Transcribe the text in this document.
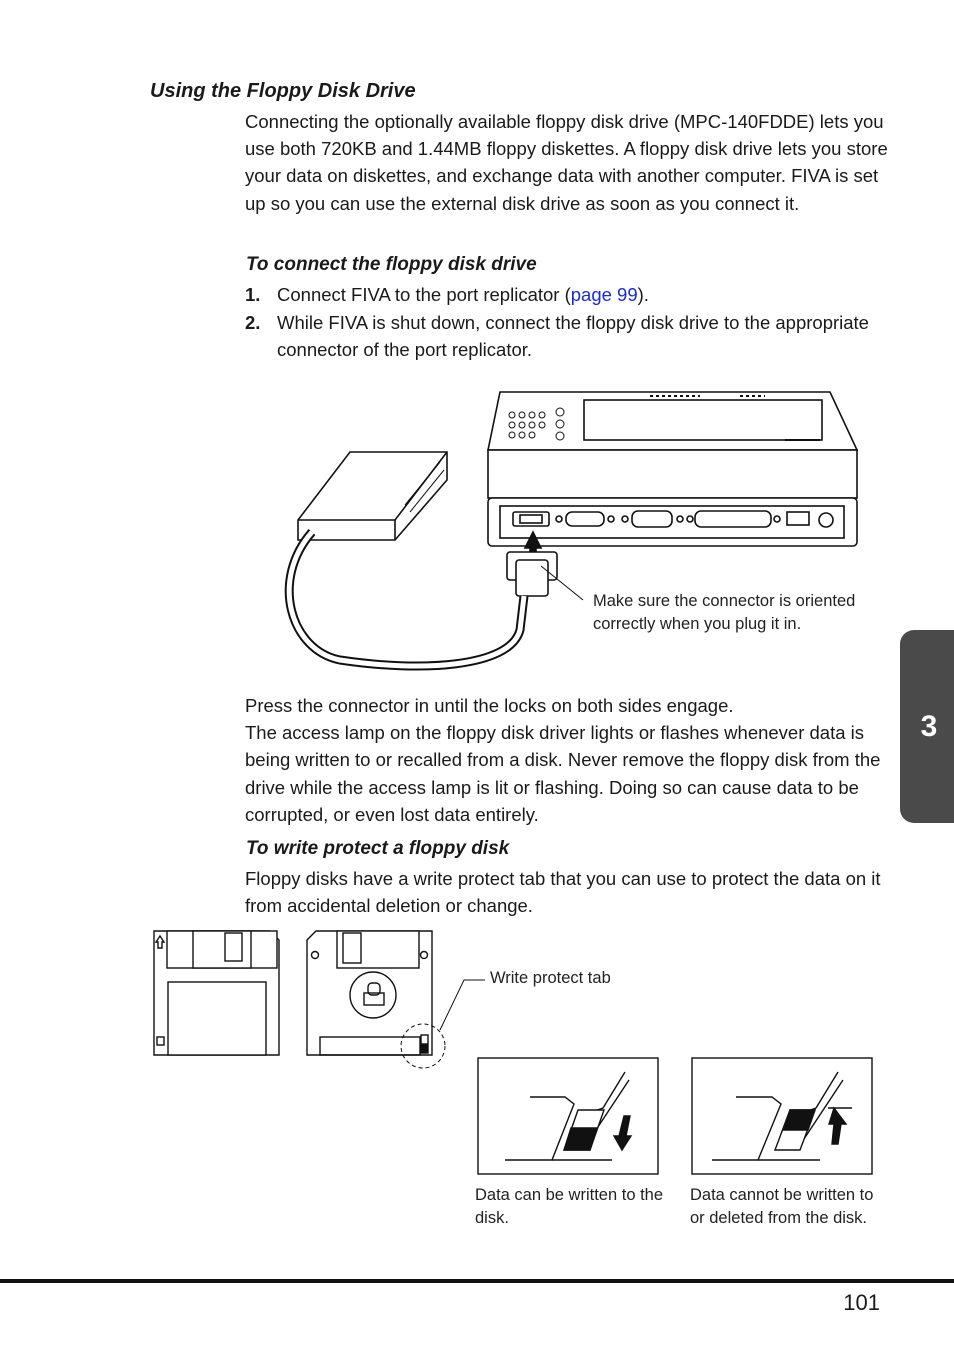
Using the Floppy Disk Drive
Connecting the optionally available floppy disk drive (MPC-140FDDE) lets you use both 720KB and 1.44MB floppy diskettes. A floppy disk drive lets you store your data on diskettes, and exchange data with another computer. FIVA is set up so you can use the external disk drive as soon as you connect it.
To connect the floppy disk drive
1. Connect FIVA to the port replicator (page 99).
2. While FIVA is shut down, connect the floppy disk drive to the appropriate connector of the port replicator.
Make sure the connector is oriented correctly when you plug it in.
Press the connector in until the locks on both sides engage.
The access lamp on the floppy disk driver lights or flashes whenever data is being written to or recalled from a disk. Never remove the floppy disk from the drive while the access lamp is lit or flashing. Doing so can cause data to be corrupted, or even lost data entirely.
To write protect a floppy disk
Floppy disks have a write protect tab that you can use to protect the data on it from accidental deletion or change.
Write protect tab
Data can be written to the disk.
Data cannot be written to or deleted from the disk.
3
101
